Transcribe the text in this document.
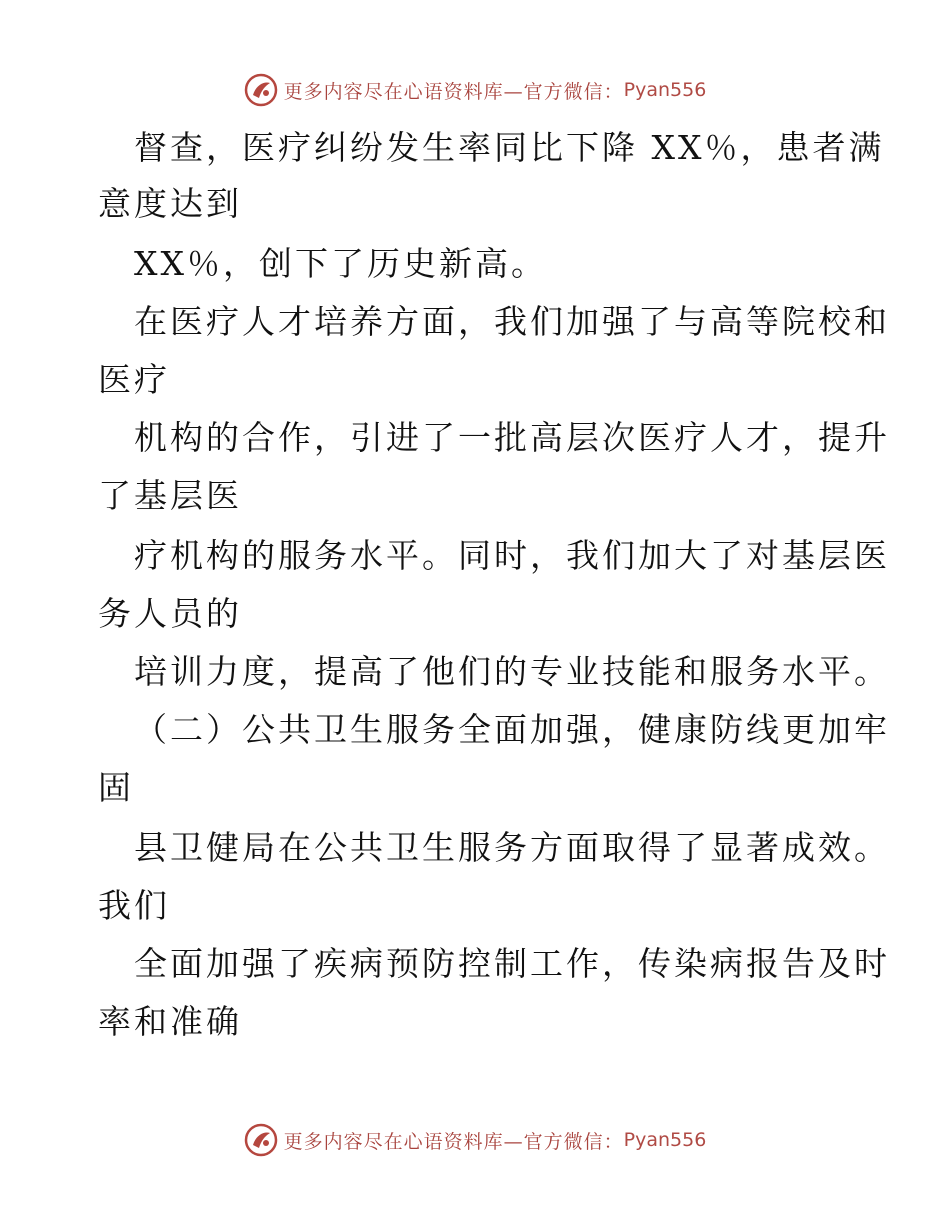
更多内容尽在心语资料库—官方微信： Pyan556
督查，医疗纠纷发生率同比下降 XX％，患者满
意度达到
XX％，创下了历史新高。
在医疗人才培养方面，我们加强了与高等院校和
医疗
机构的合作，引进了一批高层次医疗人才，提升
了基层医
疗机构的服务水平。同时，我们加大了对基层医
务人员的
培训力度，提高了他们的专业技能和服务水平。
（二）公共卫生服务全面加强，健康防线更加牢
固
县卫健局在公共卫生服务方面取得了显著成效。
我们
全面加强了疾病预防控制工作，传染病报告及时
率和准确
更多内容尽在心语资料库—官方微信： Pyan556
